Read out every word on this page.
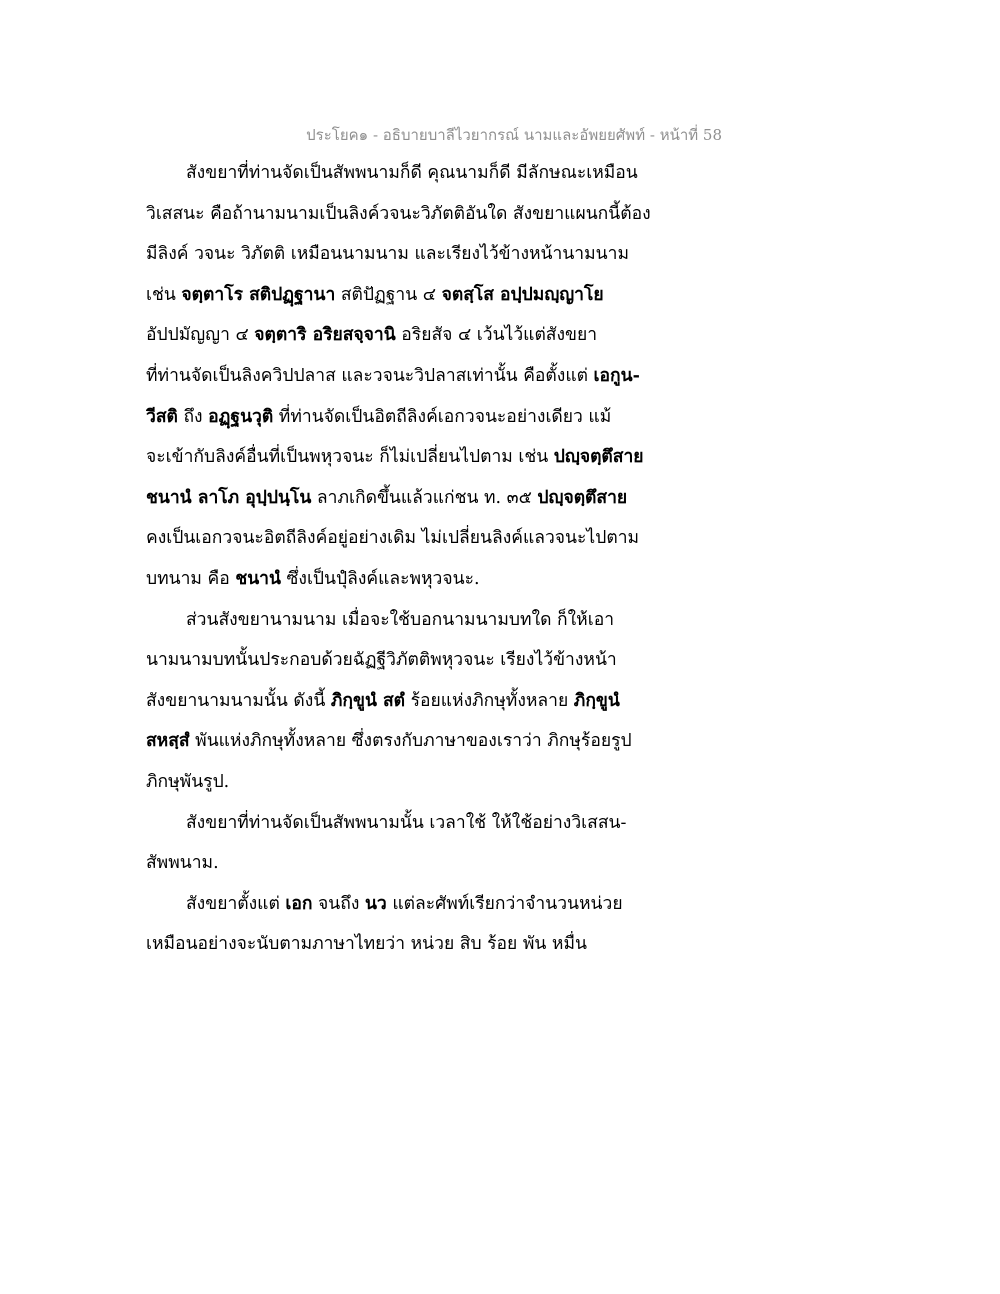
ประโยค๑ - อธิบายบาลีไวยากรณ์ นามและอัพยยศัพท์ - หน้าที่ 58
สังขยาที่ท่านจัดเป็นสัพพนามก็ดี คุณนามก็ดี มีลักษณะเหมือน
วิเสสนะ คือถ้านามนามเป็นลิงค์วจนะวิภัตติอันใด สังขยาแผนกนี้ต้อง
มีลิงค์ วจนะ วิภัตติ เหมือนนามนาม และเรียงไว้ข้างหน้านามนาม
เช่น จตฺตาโร สติปฏฺฐานา สติปัฏฐาน ๔ จตสฺโส อปฺปมญฺญาโย
อัปปมัญญา ๔ จตฺตาริ อริยสจฺจานิ อริยสัจ ๔ เว้นไว้แต่สังขยา
ที่ท่านจัดเป็นลิงควิปปลาส และวจนะวิปลาสเท่านั้น คือตั้งแต่ เอกูน-
วีสติ ถึง อฏฺฐนวุติ ที่ท่านจัดเป็นอิตถีลิงค์เอกวจนะอย่างเดียว แม้
จะเข้ากับลิงค์อื่นที่เป็นพหุวจนะ ก็ไม่เปลี่ยนไปตาม เช่น ปญฺจตฺตึสาย
ชนานํ ลาโภ อุปฺปนฺโน ลาภเกิดขึ้นแล้วแก่ชน ท. ๓๕ ปญฺจตฺตึสาย
คงเป็นเอกวจนะอิตถีลิงค์อยู่อย่างเดิม ไม่เปลี่ยนลิงค์แลวจนะไปตาม
บทนาม คือ ชนานํ ซึ่งเป็นปุํลิงค์และพหุวจนะ.
ส่วนสังขยานามนาม เมื่อจะใช้บอกนามนามบทใด ก็ให้เอา
นามนามบทนั้นประกอบด้วยฉัฏฐีวิภัตติพหุวจนะ เรียงไว้ข้างหน้า
สังขยานามนามนั้น ดังนี้ ภิกฺขูนํ สตํ ร้อยแห่งภิกษุทั้งหลาย ภิกฺขูนํ
สหสฺสํ พันแห่งภิกษุทั้งหลาย ซึ่งตรงกับภาษาของเราว่า ภิกษุร้อยรูป
ภิกษุพันรูป.
สังขยาที่ท่านจัดเป็นสัพพนามนั้น เวลาใช้ ให้ใช้อย่างวิเสสน-
สัพพนาม.
สังขยาตั้งแต่ เอก จนถึง นว แต่ละศัพท์เรียกว่าจำนวนหน่วย
เหมือนอย่างจะนับตามภาษาไทยว่า หน่วย สิบ ร้อย พัน หมื่น
